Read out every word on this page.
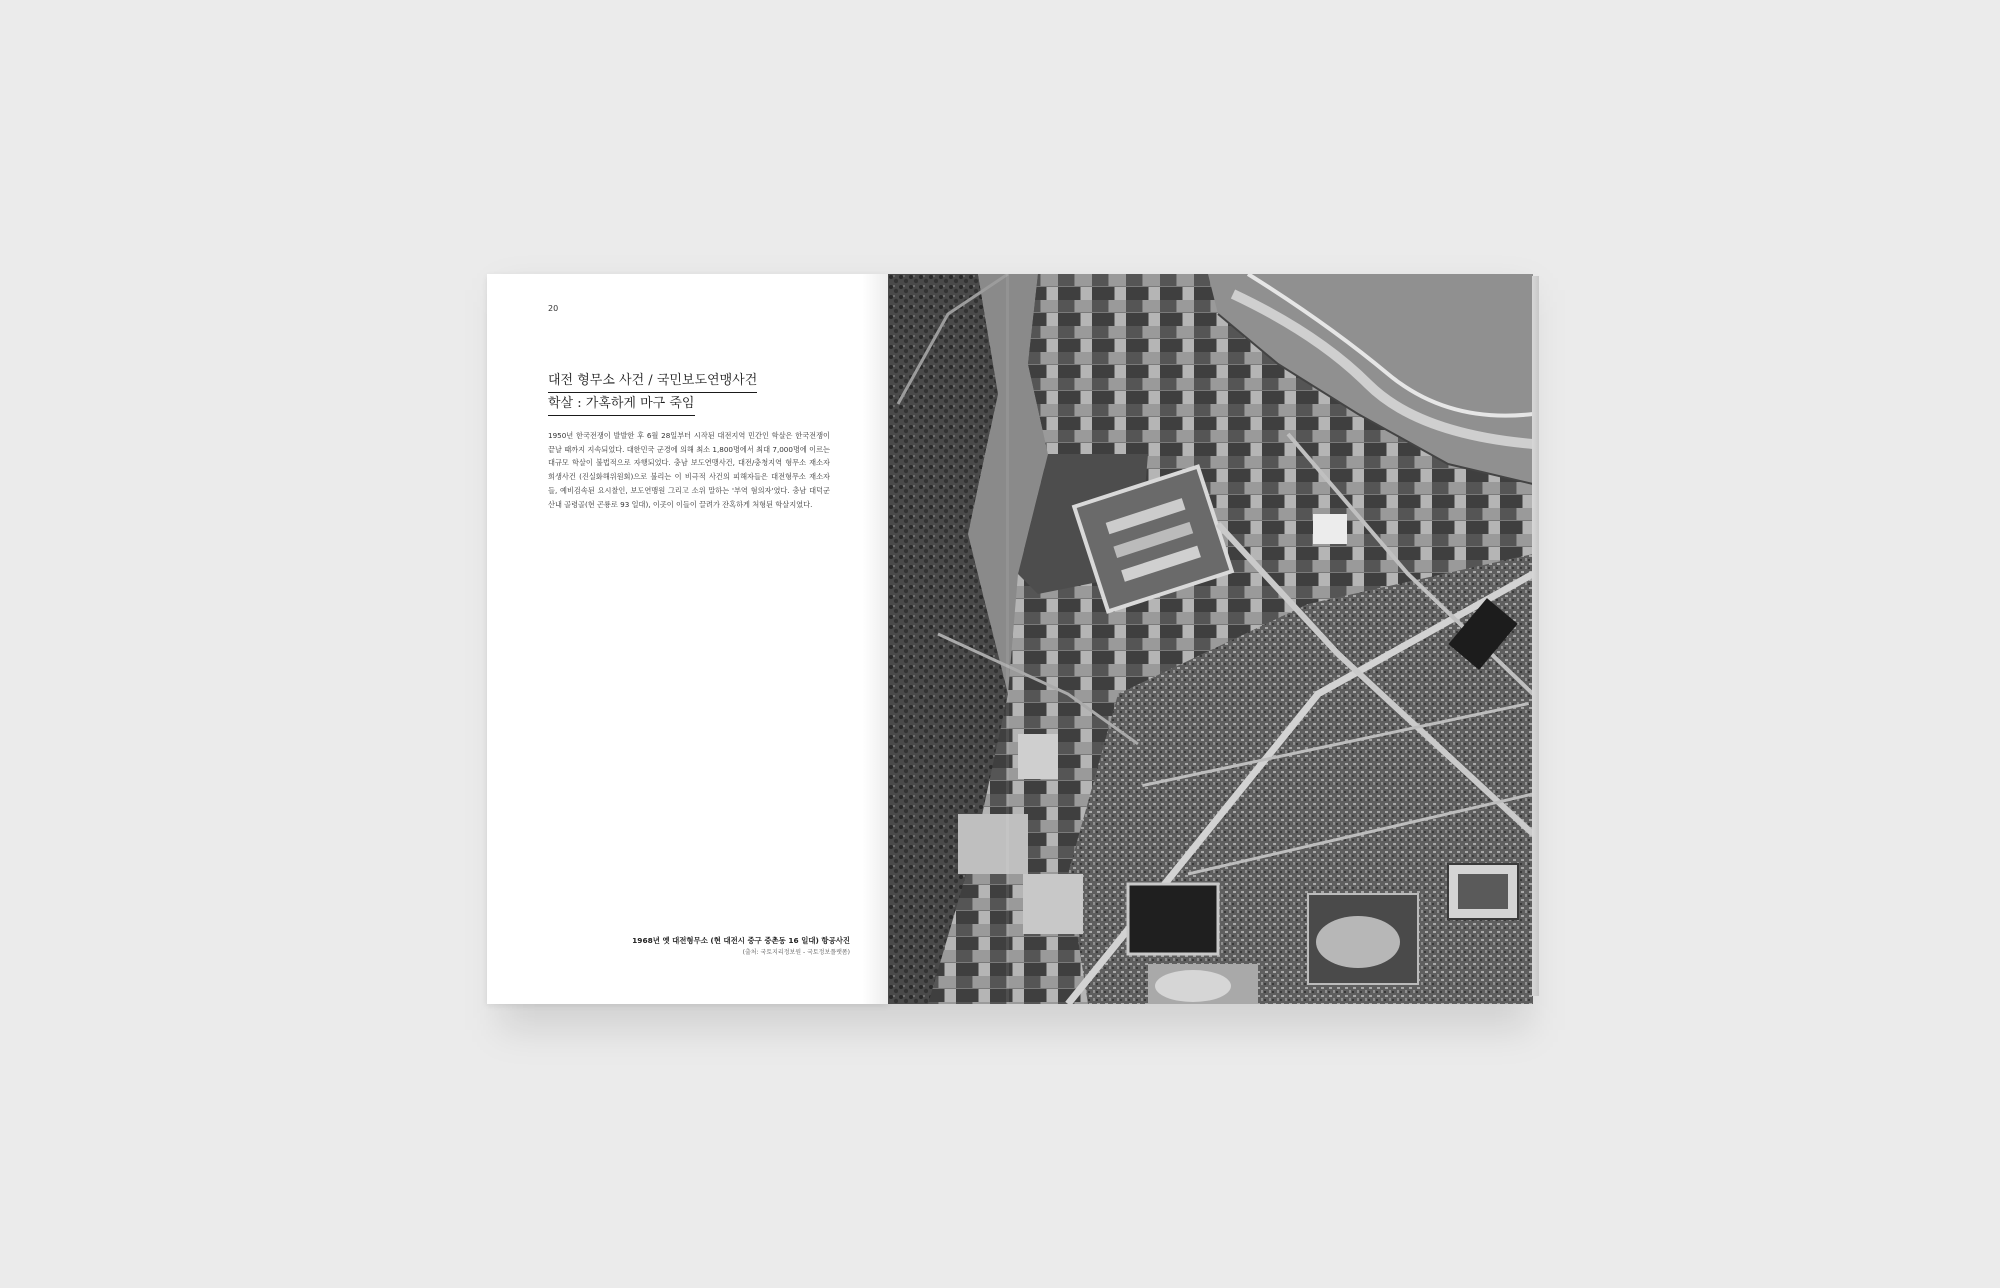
20
대전 형무소 사건 / 국민보도연맹사건
학살 : 가혹하게 마구 죽임

1950년 한국전쟁이 발발한 후 6월 28일부터 시작된 대전지역 민간인 학살은 한국전쟁이 끝날 때까지 지속되었다. 대한민국 군경에 의해 최소 1,800명에서 최대 7,000명에 이르는 대규모 학살이 불법적으로 자행되었다. 충남 보도연맹사건, 대전/충청지역 형무소 재소자 희생사건 (진실화해위원회)으로 불리는 이 비극적 사건의 피해자들은 대전형무소 재소자들, 예비검속된 요시찰인, 보도연맹원 그리고 소위 말하는 '부역 혐의자'였다. 충남 대덕군 산내 골령골(현 곤룡로 93 일대), 이곳이 이들이 끌려가 잔혹하게 처형된 학살지였다.

1968년 옛 대전형무소 (현 대전시 중구 중촌동 16 일대) 항공사진
(출처: 국토지리정보원 - 국토정보플랫폼)
